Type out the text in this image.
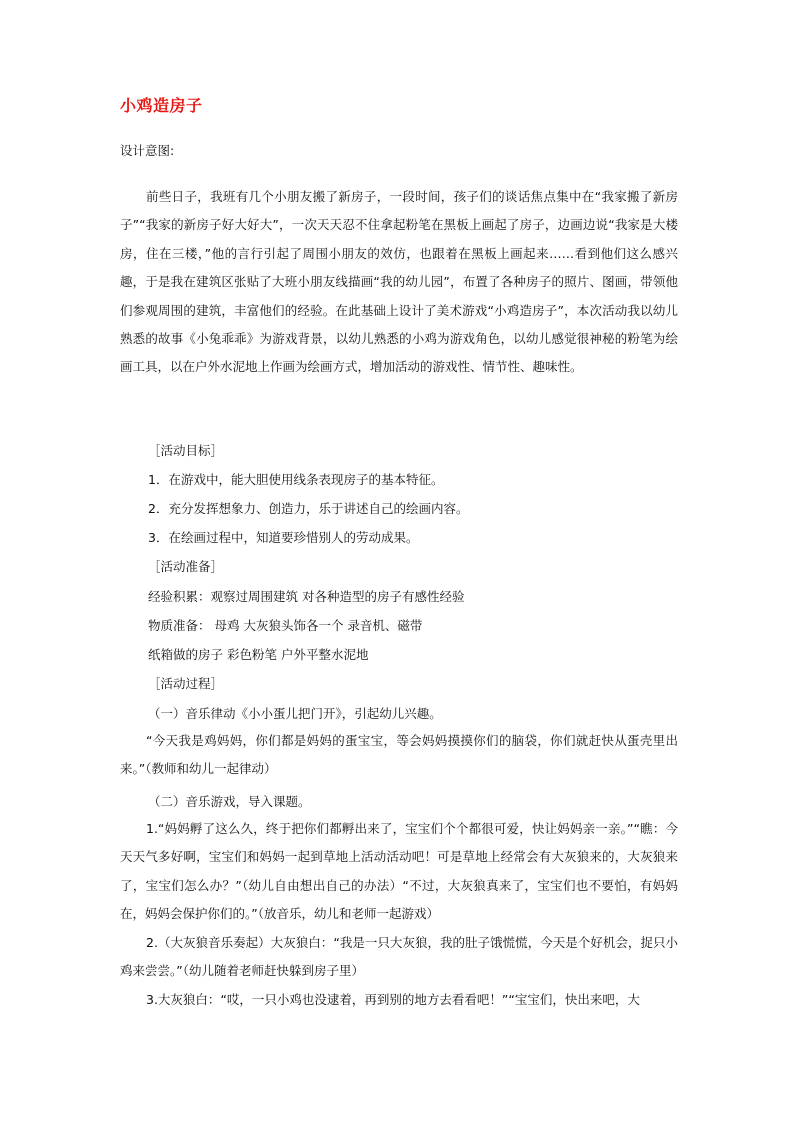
小鸡造房子

设计意图:

前些日子，我班有几个小朋友搬了新房子，一段时间，孩子们的谈话焦点集中在“我家搬了新房子”“我家的新房子好大好大”，一次天天忍不住拿起粉笔在黑板上画起了房子，边画边说“我家是大楼房，住在三楼，”他的言行引起了周围小朋友的效仿，也跟着在黑板上画起来……看到他们这么感兴趣，于是我在建筑区张贴了大班小朋友线描画“我的幼儿园”，布置了各种房子的照片、图画，带领他们参观周围的建筑，丰富他们的经验。在此基础上设计了美术游戏“小鸡造房子”，本次活动我以幼儿熟悉的故事《小兔乖乖》为游戏背景，以幼儿熟悉的小鸡为游戏角色，以幼儿感觉很神秘的粉笔为绘画工具，以在户外水泥地上作画为绘画方式，增加活动的游戏性、情节性、趣味性。

［活动目标］

1．在游戏中，能大胆使用线条表现房子的基本特征。

2．充分发挥想象力、创造力，乐于讲述自己的绘画内容。

3．在绘画过程中，知道要珍惜别人的劳动成果。

［活动准备］

经验积累：观察过周围建筑 对各种造型的房子有感性经验

物质准备： 母鸡 大灰狼头饰各一个 录音机、磁带

纸箱做的房子 彩色粉笔 户外平整水泥地

［活动过程］

（一）音乐律动《小小蛋儿把门开》，引起幼儿兴趣。

“今天我是鸡妈妈，你们都是妈妈的蛋宝宝，等会妈妈摸摸你们的脑袋，你们就赶快从蛋壳里出来。”（教师和幼儿一起律动）

（二）音乐游戏，导入课题。

1.“妈妈孵了这么久，终于把你们都孵出来了，宝宝们个个都很可爱，快让妈妈亲一亲。”“瞧：今天天气多好啊，宝宝们和妈妈一起到草地上活动活动吧！可是草地上经常会有大灰狼来的，大灰狼来了，宝宝们怎么办？”（幼儿自由想出自己的办法）“不过，大灰狼真来了，宝宝们也不要怕，有妈妈在，妈妈会保护你们的。”（放音乐，幼儿和老师一起游戏）

2.（大灰狼音乐奏起）大灰狼白：“我是一只大灰狼，我的肚子饿慌慌，今天是个好机会，捉只小鸡来尝尝。”（幼儿随着老师赶快躲到房子里）

3.大灰狼白：“哎，一只小鸡也没逮着，再到别的地方去看看吧！”“宝宝们，快出来吧，大
